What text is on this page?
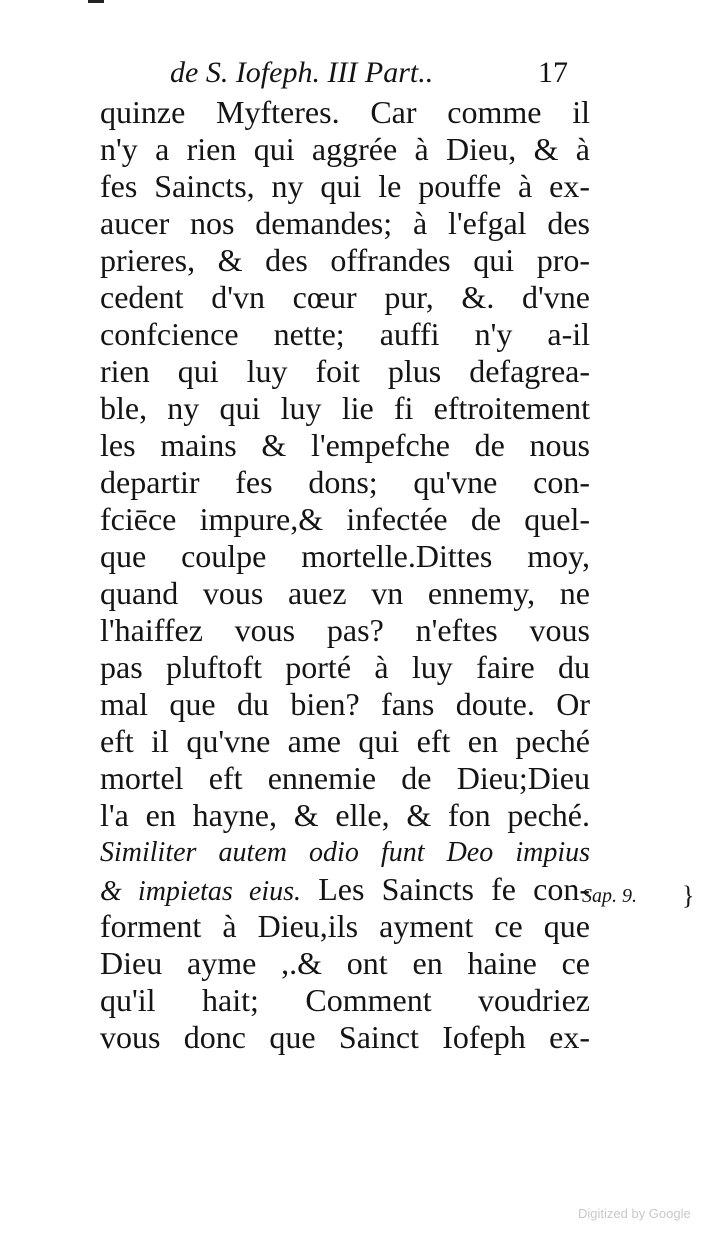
de S. Iofeph. III Part..	17
quinze Myfteres. Car comme il
n'y a rien qui aggrée à Dieu, & à
fes Saincts, ny qui le pouffe à ex-
aucer nos demandes; à l'efgal des
prieres, & des offrandes qui pro-
cedent d'vn cœur pur, &. d'vne
confcience nette; auffi n'y a-il
rien qui luy foit plus defagrea-
ble, ny qui luy lie fi eftroitement
les mains & l'empefche de nous
departir fes dons; qu'vne con-
fciēce impure,& infectée de quel-
que coulpe mortelle.Dittes moy,
quand vous auez vn ennemy, ne
l'haiffez vous pas? n'eftes vous
pas pluftoft porté à luy faire du
mal que du bien? fans doute. Or
eft il qu'vne ame qui eft en peché
mortel eft ennemie de Dieu;Dieu
l'a en hayne, & elle, & fon peché.
Similiter autem odio funt Deo impius
& impietas eius. Les Saincts fe con-
forment à Dieu,ils ayment ce que
Dieu ayme ,.& ont en haine ce
qu'il hait; Comment voudriez
vous donc que Sainct Iofeph ex-
Sap. 9. }
Digitized by Google
